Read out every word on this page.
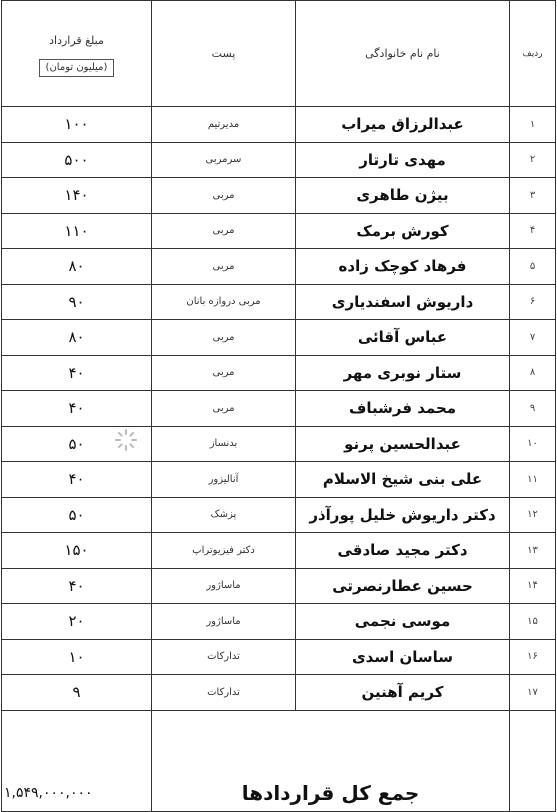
ردیف	نام نام خانوادگی	پست	مبلغ قرارداد
(میلیون تومان)
۱	عبدالرزاق میراب	مدیرتیم	۱۰۰
۲	مهدی تارتار	سرمربی	۵۰۰
۳	بیژن طاهری	مربی	۱۴۰
۴	کورش برمک	مربی	۱۱۰
۵	فرهاد کوچک زاده	مربی	۸۰
۶	داریوش اسفندیاری	مربی دروازه بانان	۹۰
۷	عباس آقائی	مربی	۸۰
۸	ستار نوبری مهر	مربی	۴۰
۹	محمد فرشباف	مربی	۴۰
۱۰	عبدالحسین پرنو	بدنساز	۵۰
۱۱	علی بنی شیخ الاسلام	آنالیزور	۴۰
۱۲	دکتر داریوش خلیل پورآذر	پزشک	۵۰
۱۳	دکتر مجید صادقی	دکتر فیزیوتراپ	۱۵۰
۱۴	حسین عطارنصرتی	ماساژور	۴۰
۱۵	موسی نجمی	ماساژور	۲۰
۱۶	ساسان اسدی	تدارکات	۱۰
۱۷	کریم آهنین	تدارکات	۹
	جمع کل قراردادها		۱,۵۴۹,۰۰۰,۰۰۰
